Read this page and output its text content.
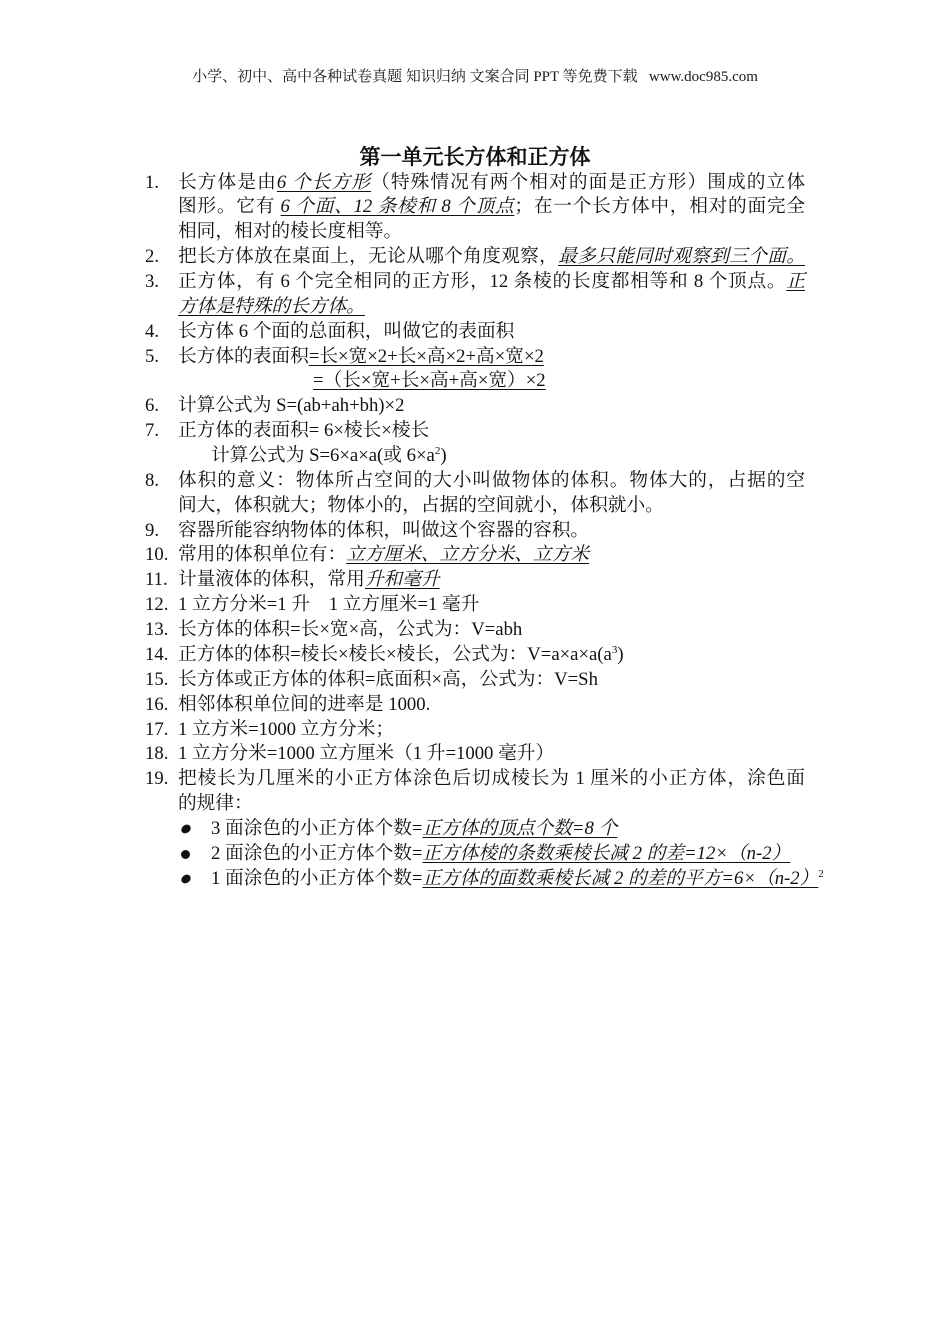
小学、初中、高中各种试卷真题 知识归纳 文案合同 PPT 等免费下载   www.doc985.com
第一单元长方体和正方体
1. 长方体是由6 个长方形（特殊情况有两个相对的面是正方形）围成的立体
图形。它有 6 个面、12 条棱和 8 个顶点；在一个长方体中，相对的面完全
相同，相对的棱长度相等。
2. 把长方体放在桌面上，无论从哪个角度观察，最多只能同时观察到三个面。
3. 正方体，有 6 个完全相同的正方形，12 条棱的长度都相等和 8 个顶点。正
方体是特殊的长方体。
4. 长方体 6 个面的总面积，叫做它的表面积
5. 长方体的表面积=长×宽×2+长×高×2+高×宽×2
=（长×宽+长×高+高×宽）×2
6. 计算公式为 S=(ab+ah+bh)×2
7. 正方体的表面积= 6×棱长×棱长
计算公式为 S=6×a×a(或 $6\times a^2$)
8. 体积的意义：物体所占空间的大小叫做物体的体积。物体大的，占据的空
间大，体积就大；物体小的，占据的空间就小，体积就小。
9. 容器所能容纳物体的体积，叫做这个容器的容积。
10. 常用的体积单位有：立方厘米、立方分米、立方米
11. 计量液体的体积，常用升和毫升
12. 1 立方分米=1 升    1 立方厘米=1 毫升
13. 长方体的体积=长×宽×高，公式为：V=abh
14. 正方体的体积=棱长×棱长×棱长，公式为：$V=a\times a\times a(a^3)$
15. 长方体或正方体的体积=底面积×高，公式为：V=Sh
16. 相邻体积单位间的进率是 1000.
17. 1 立方米=1000 立方分米；
18. 1 立方分米=1000 立方厘米（1 升=1000 毫升）
19. 把棱长为几厘米的小正方体涂色后切成棱长为 1 厘米的小正方体，涂色面
的规律：
3 面涂色的小正方体个数=正方体的顶点个数=8 个
2 面涂色的小正方体个数=正方体棱的条数乘棱长减 2 的差=12×（n-2）
1 面涂色的小正方体个数=正方体的面数乘棱长减 2 的差的平方$=6\times(n-2)^2$
